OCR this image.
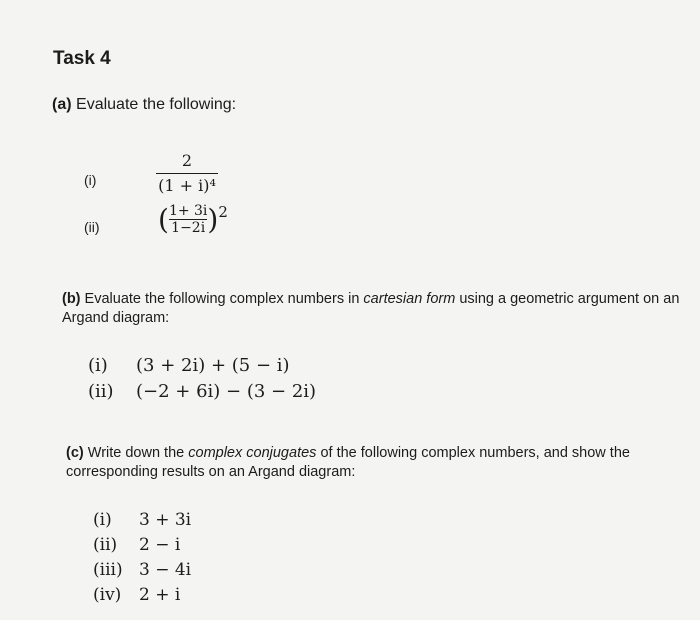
Task 4
(a) Evaluate the following:
(i)	$\frac{2}{\text{(1 + i)⁴}}$
(ii) ( $\frac{1+ 3i}{1-2i}$ ) 2
(b) Evaluate the following complex numbers in cartesian form using a geometric argument on an Argand diagram:
(i) (3 + 2i) + (5 − i)
(ii) (−2 + 6i) − (3 − 2i)
(c) Write down the complex conjugates of the following complex numbers, and show the corresponding results on an Argand diagram:
(i) 3 + 3i
(ii) 2 − i
(iii) 3 − 4i
(iv) 2 + i
